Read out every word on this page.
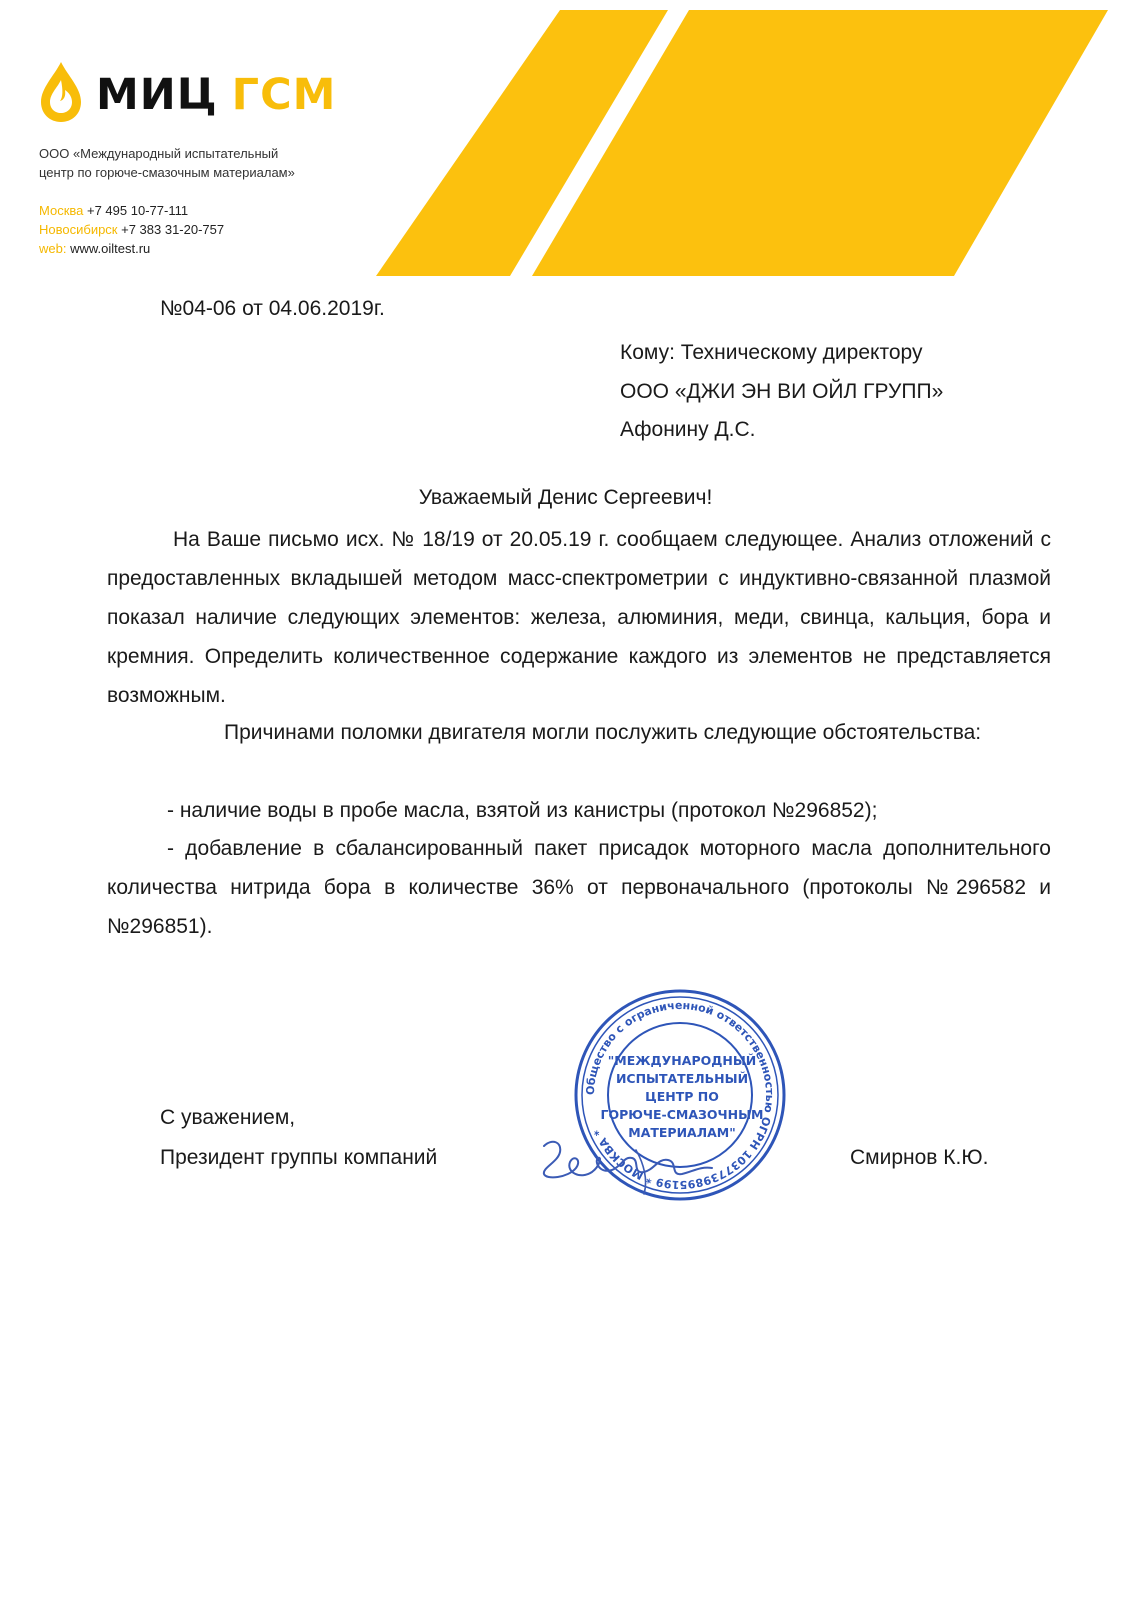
МИЦ ГСМ
ООО «Международный испытательный
центр по горюче-смазочным материалам»
Москва +7 495 10-77-111
Новосибирск +7 383 31-20-757
web: www.oiltest.ru
№04-06 от 04.06.2019г.
Кому: Техническому директору
ООО «ДЖИ ЭН ВИ ОЙЛ ГРУПП»
Афонину Д.С.
Уважаемый Денис Сергеевич!
На Ваше письмо исх. № 18/19 от 20.05.19 г. сообщаем следующее. Анализ отложений с предоставленных вкладышей методом масс-спектрометрии с индуктивно-связанной плазмой показал наличие следующих элементов: железа, алюминия, меди, свинца, кальция, бора и кремния. Определить количественное содержание каждого из элементов не представляется возможным.
Причинами поломки двигателя могли послужить следующие обстоятельства:
- наличие воды в пробе масла, взятой из канистры (протокол №296852);
- добавление в сбалансированный пакет присадок моторного масла дополнительного количества нитрида бора в количестве 36% от первоначального (протоколы №296582 и №296851).
С уважением,
Президент группы компаний	Смирнов К.Ю.
Общество с ограниченной ответственностью ОГРН 1037739895199 * МОСКВА *
"МЕЖДУНАРОДНЫЙ
ИСПЫТАТЕЛЬНЫЙ
ЦЕНТР ПО
ГОРЮЧЕ-СМАЗОЧНЫМ
МАТЕРИАЛАМ"
